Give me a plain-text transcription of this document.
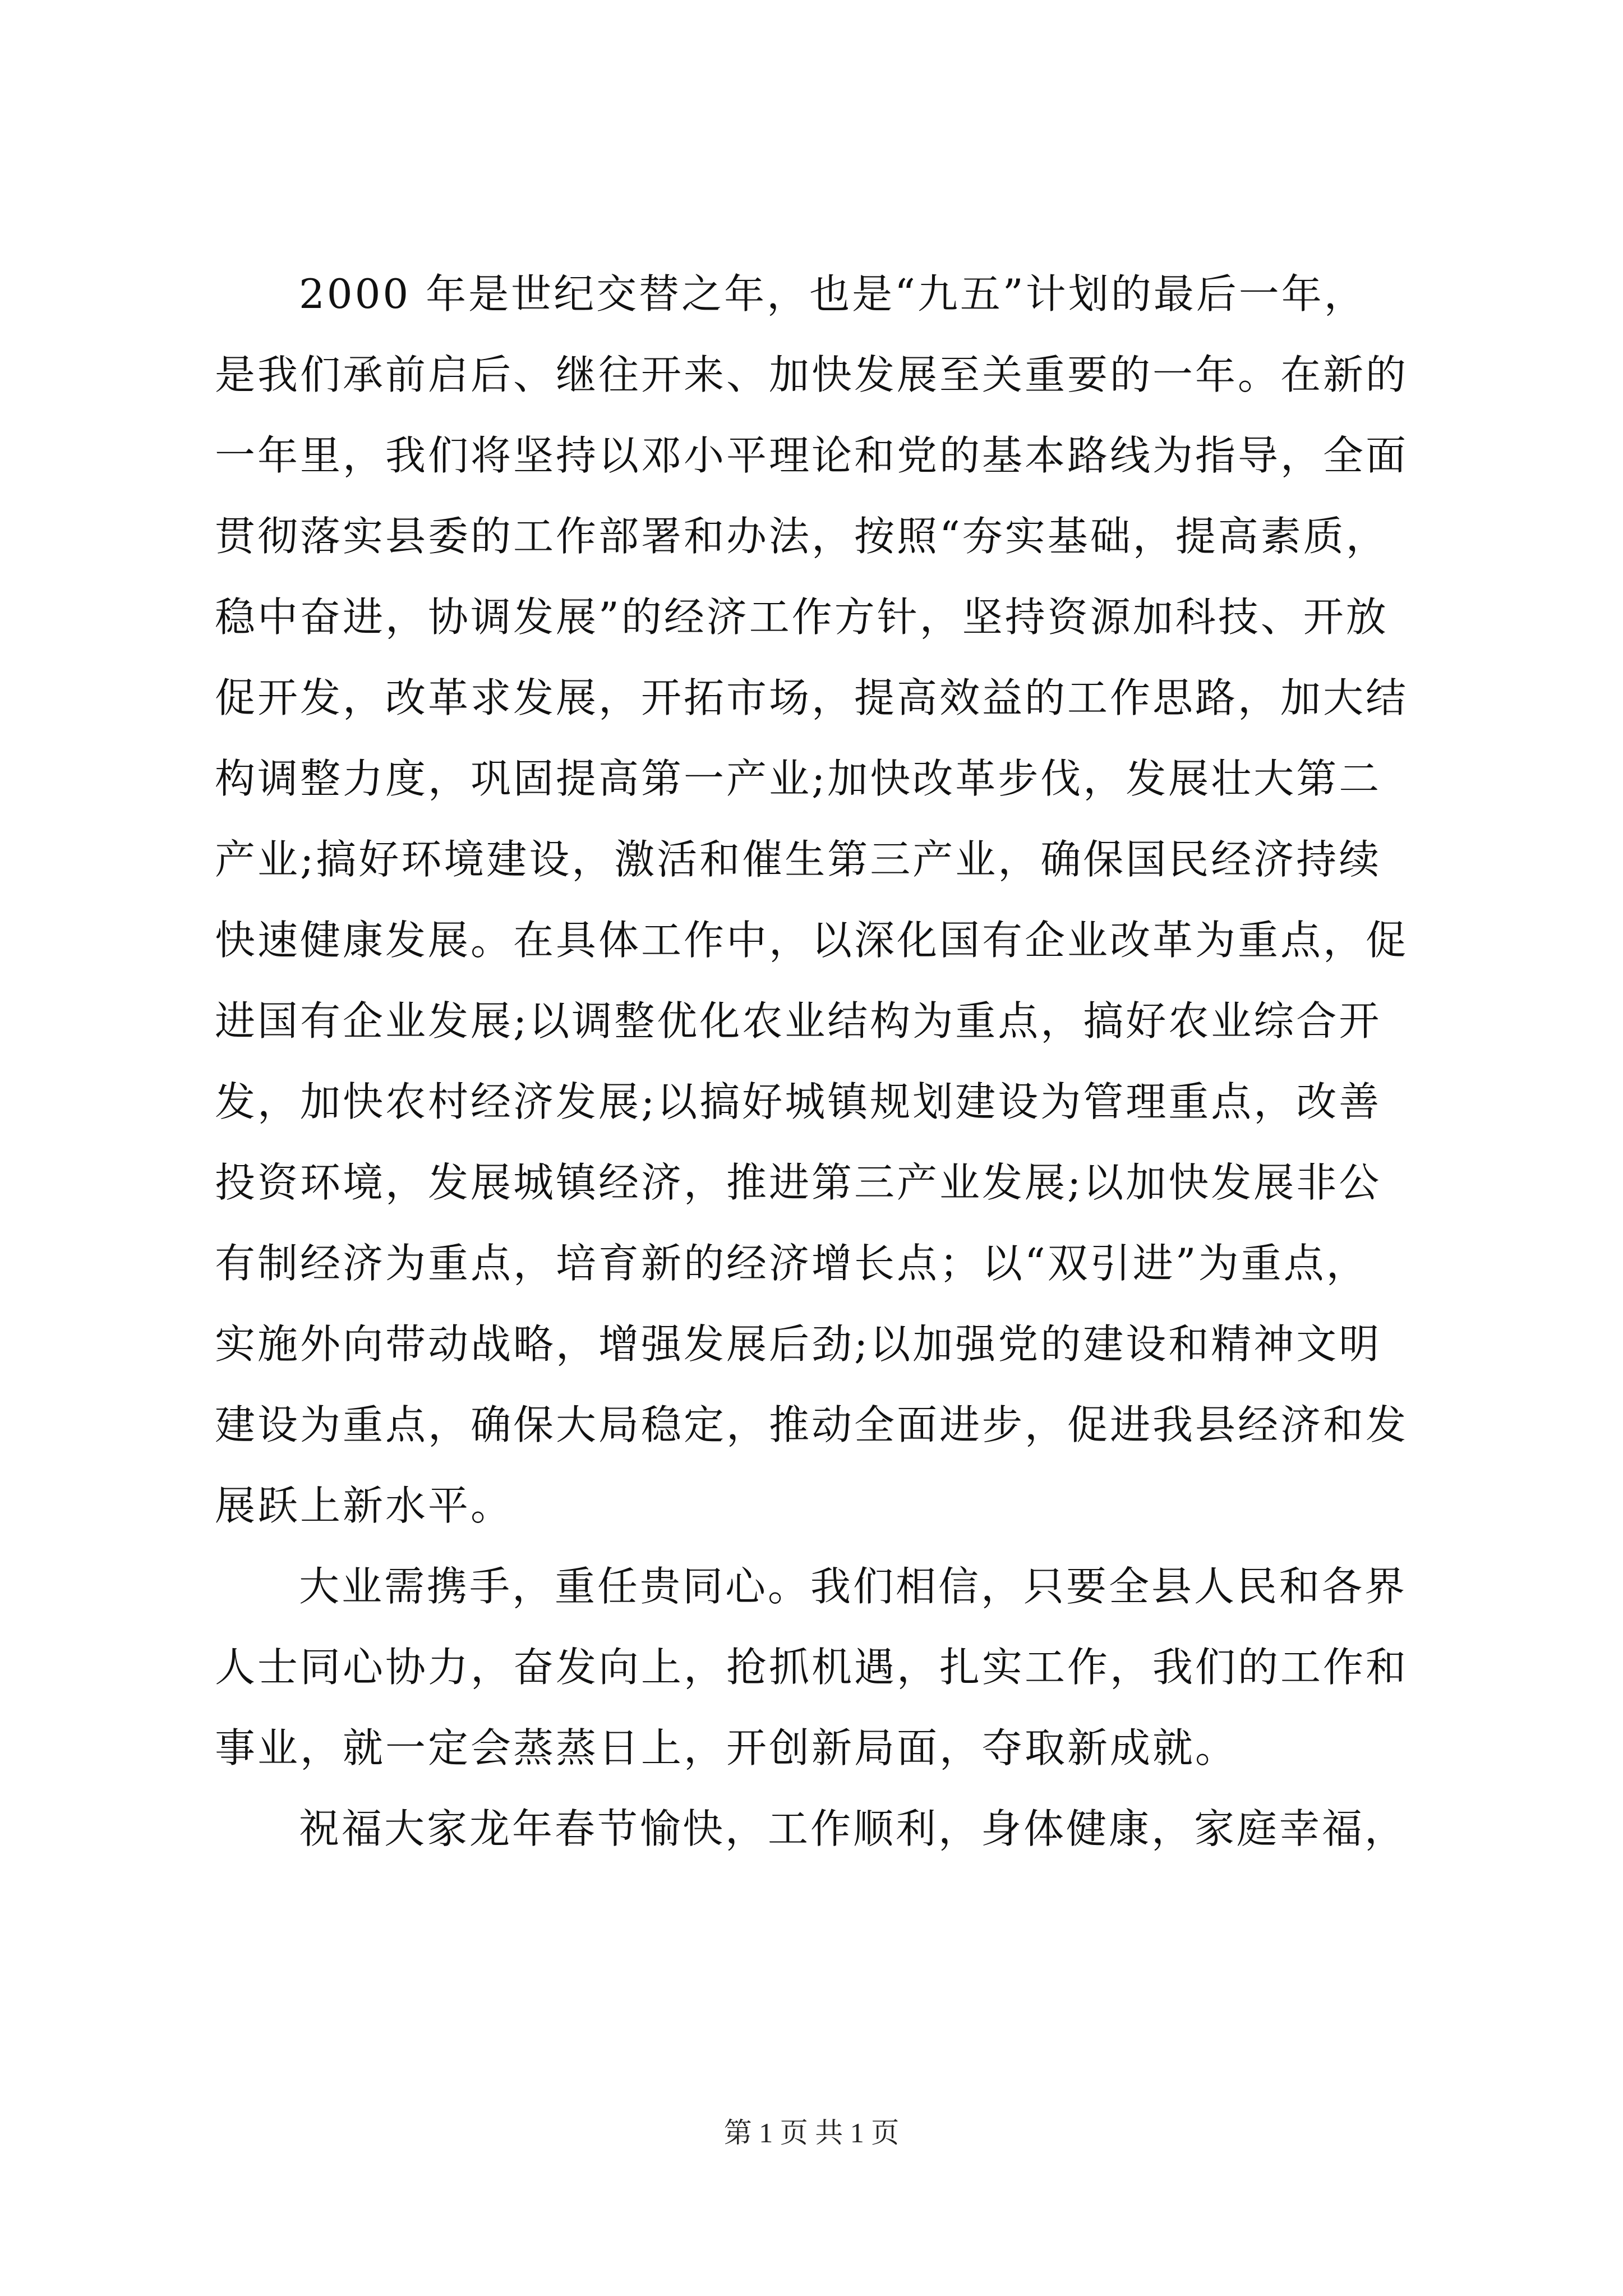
2000 年是世纪交替之年，也是“九五”计划的最后一年，
是我们承前启后、继往开来、加快发展至关重要的一年。在新的
一年里，我们将坚持以邓小平理论和党的基本路线为指导，全面
贯彻落实县委的工作部署和办法，按照“夯实基础，提高素质，
稳中奋进，协调发展”的经济工作方针，坚持资源加科技、开放
促开发，改革求发展，开拓市场，提高效益的工作思路，加大结
构调整力度，巩固提高第一产业;加快改革步伐，发展壮大第二
产业;搞好环境建设，激活和催生第三产业，确保国民经济持续
快速健康发展。在具体工作中，以深化国有企业改革为重点，促
进国有企业发展;以调整优化农业结构为重点，搞好农业综合开
发，加快农村经济发展;以搞好城镇规划建设为管理重点，改善
投资环境，发展城镇经济，推进第三产业发展;以加快发展非公
有制经济为重点，培育新的经济增长点；以“双引进”为重点，
实施外向带动战略，增强发展后劲;以加强党的建设和精神文明
建设为重点，确保大局稳定，推动全面进步，促进我县经济和发
展跃上新水平。
大业需携手，重任贵同心。我们相信，只要全县人民和各界
人士同心协力，奋发向上，抢抓机遇，扎实工作，我们的工作和
事业，就一定会蒸蒸日上，开创新局面，夺取新成就。
祝福大家龙年春节愉快，工作顺利，身体健康，家庭幸福，
第 1 页 共 1 页
